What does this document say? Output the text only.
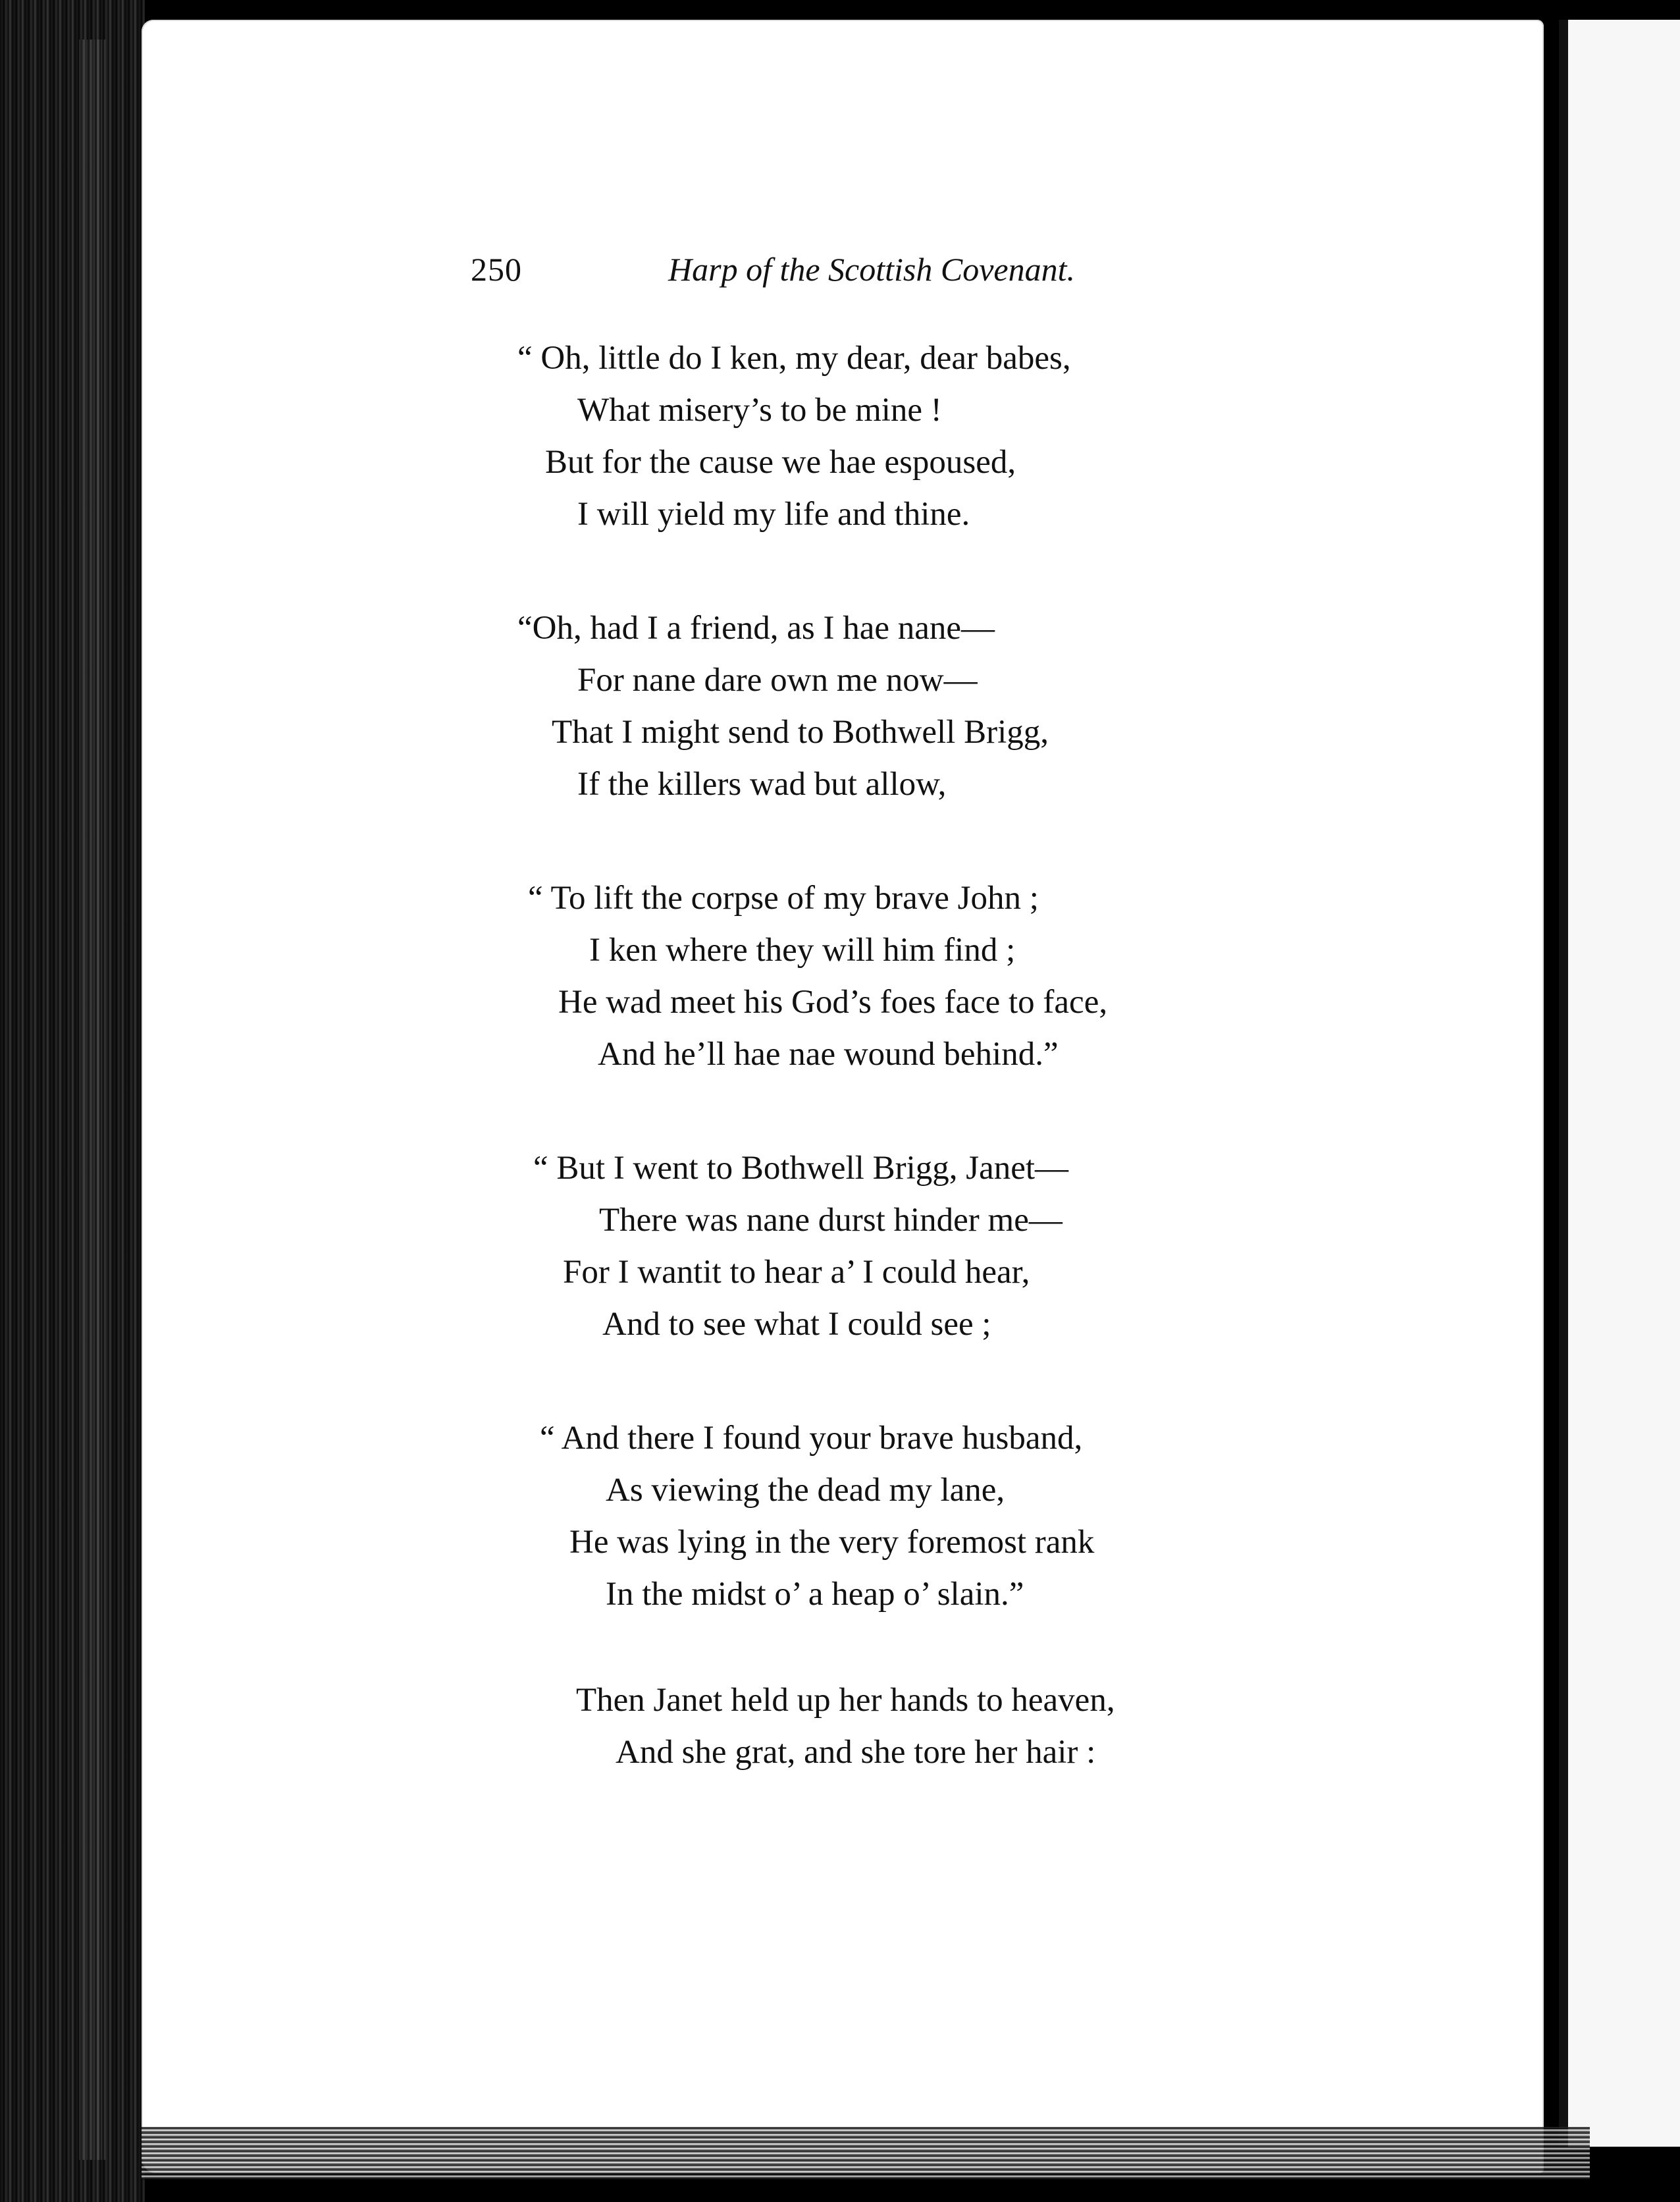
250	Harp of the Scottish Covenant.
“ Oh, little do I ken, my dear, dear babes,
What misery’s to be mine !
But for the cause we hae espoused,
I will yield my life and thine.
“Oh, had I a friend, as I hae nane—
For nane dare own me now—
That I might send to Bothwell Brigg,
If the killers wad but allow,
“ To lift the corpse of my brave John ;
I ken where they will him find ;
He wad meet his God’s foes face to face,
And he’ll hae nae wound behind.”
“ But I went to Bothwell Brigg, Janet—
There was nane durst hinder me—
For I wantit to hear a’ I could hear,
And to see what I could see ;
“ And there I found your brave husband,
As viewing the dead my lane,
He was lying in the very foremost rank
In the midst o’ a heap o’ slain.”
Then Janet held up her hands to heaven,
And she grat, and she tore her hair :
